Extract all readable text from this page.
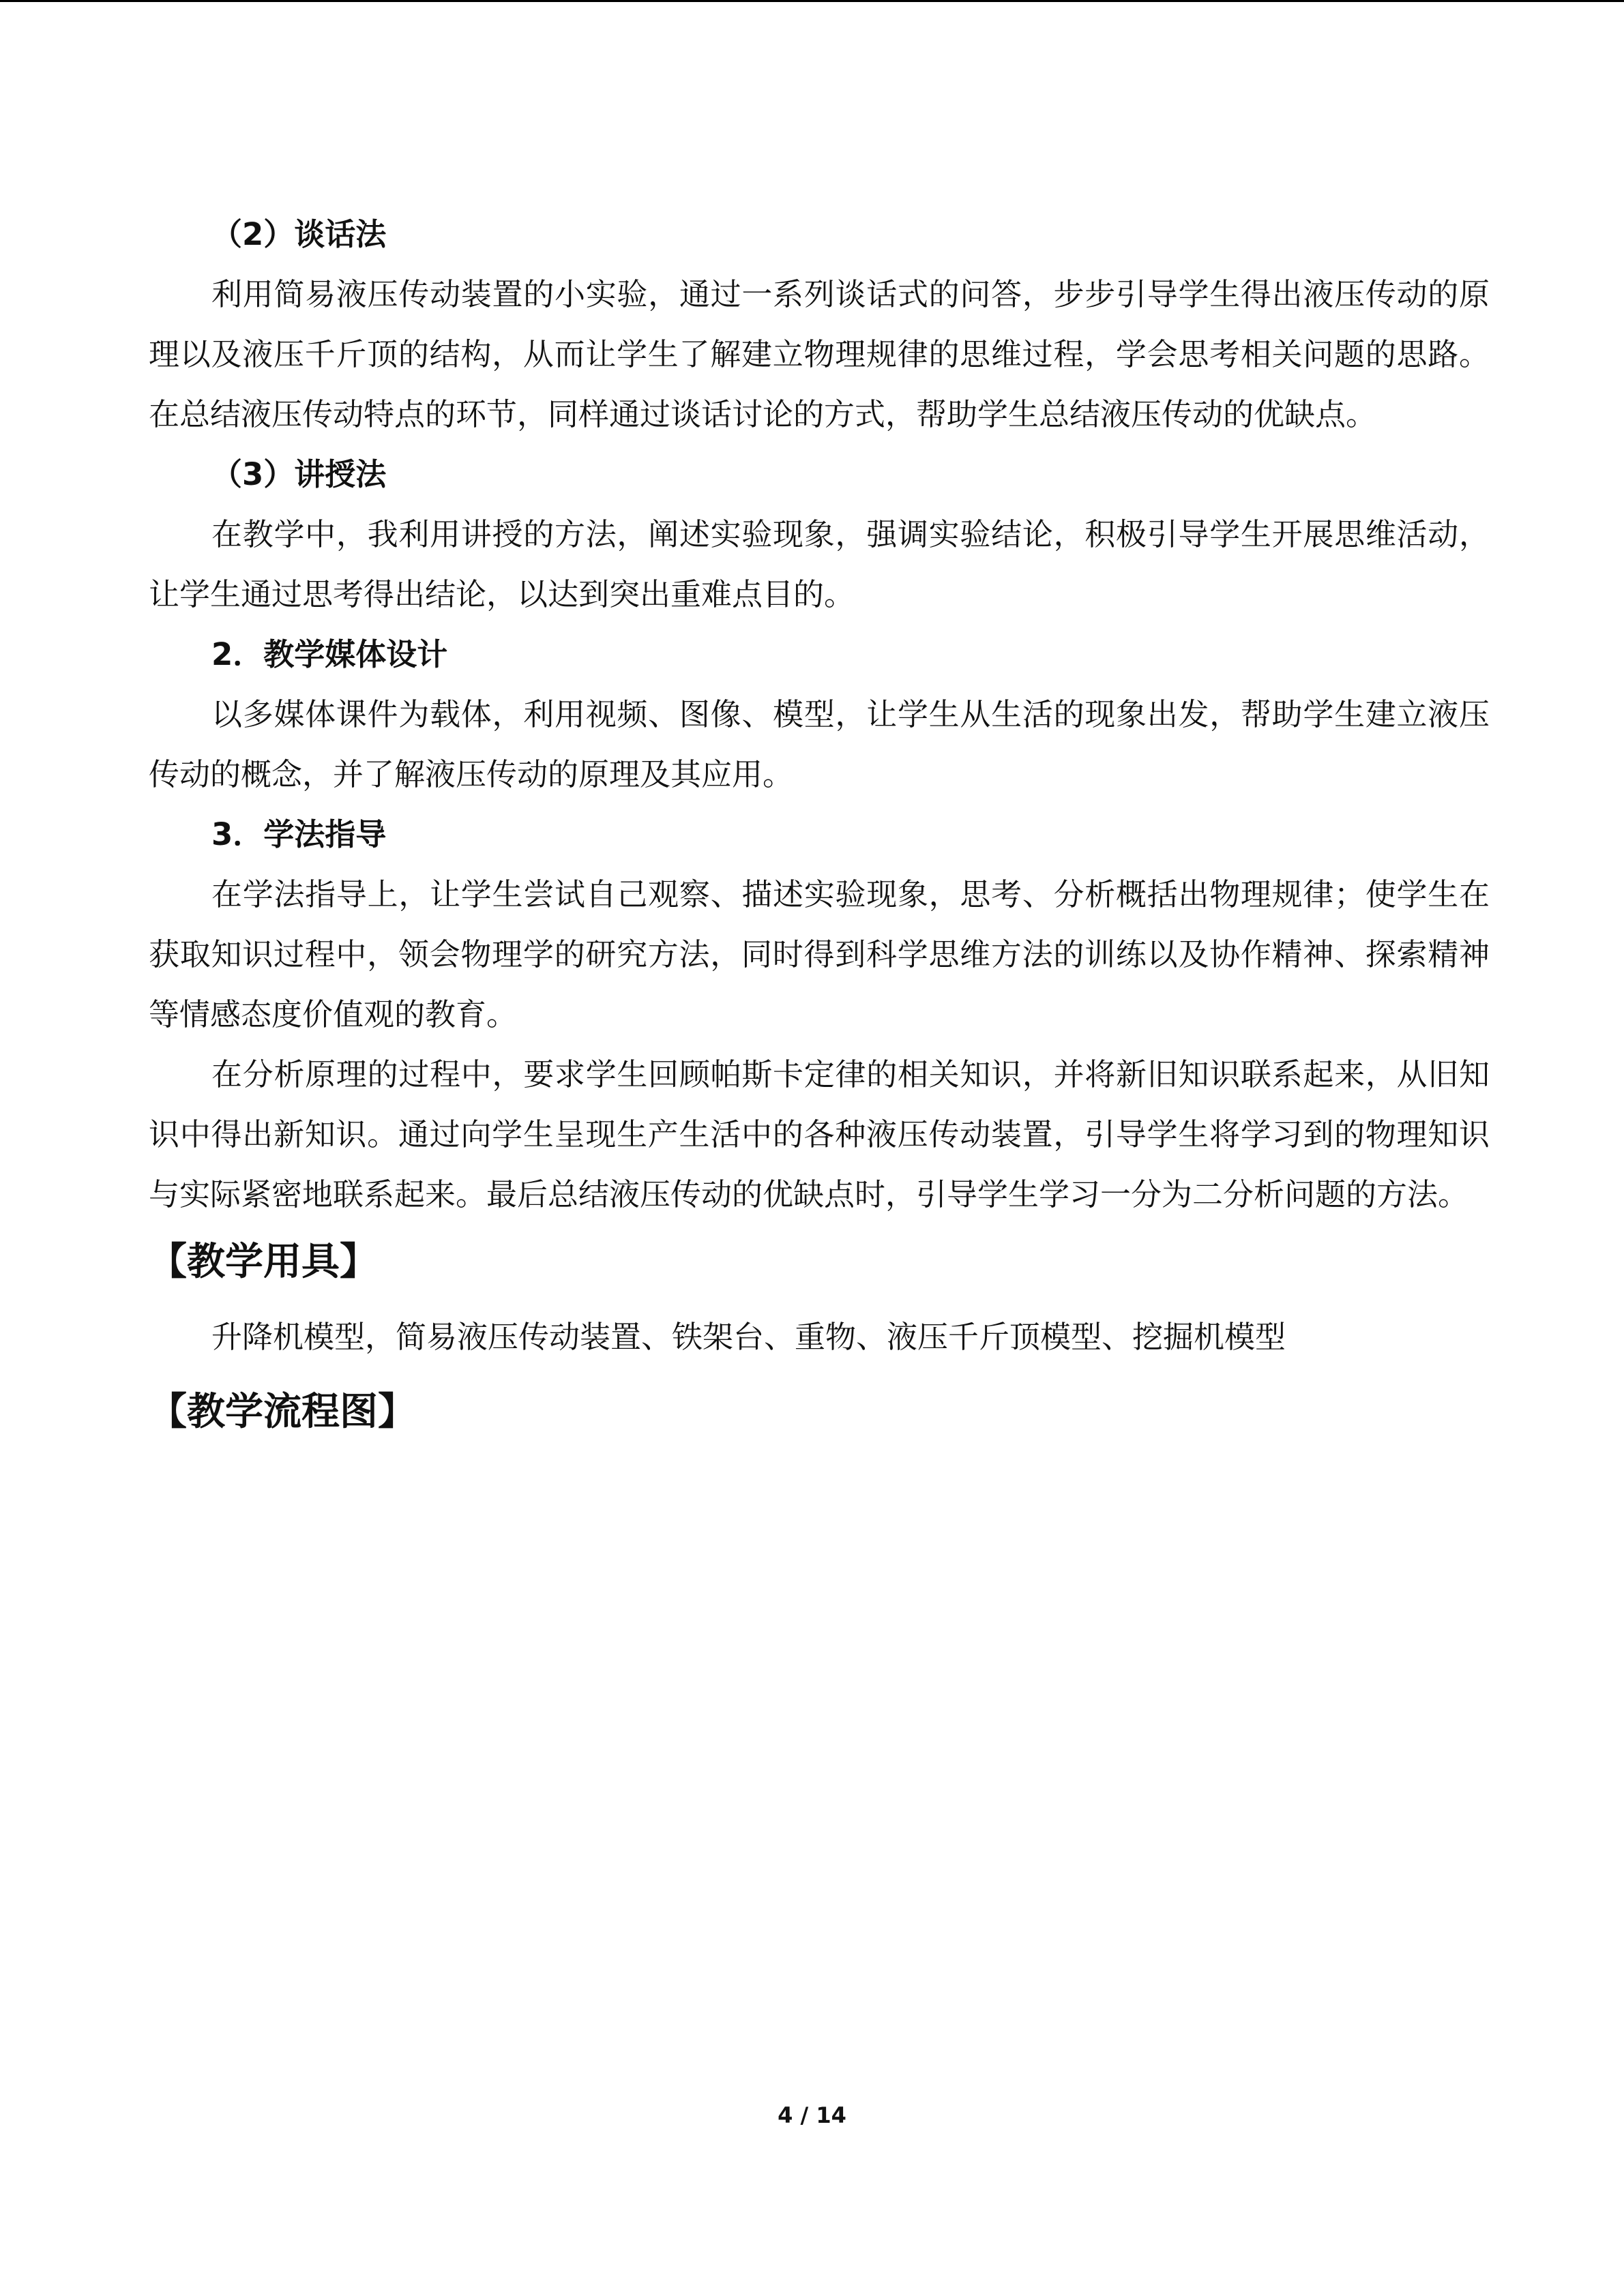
（2）谈话法

利用简易液压传动装置的小实验，通过一系列谈话式的问答，步步引导学生得出液压传动的原理以及液压千斤顶的结构，从而让学生了解建立物理规律的思维过程，学会思考相关问题的思路。在总结液压传动特点的环节，同样通过谈话讨论的方式，帮助学生总结液压传动的优缺点。

（3）讲授法

在教学中，我利用讲授的方法，阐述实验现象，强调实验结论，积极引导学生开展思维活动，让学生通过思考得出结论，以达到突出重难点目的。

2．教学媒体设计

以多媒体课件为载体，利用视频、图像、模型，让学生从生活的现象出发，帮助学生建立液压传动的概念，并了解液压传动的原理及其应用。

3．学法指导

在学法指导上，让学生尝试自己观察、描述实验现象，思考、分析概括出物理规律；使学生在获取知识过程中，领会物理学的研究方法，同时得到科学思维方法的训练以及协作精神、探索精神等情感态度价值观的教育。

在分析原理的过程中，要求学生回顾帕斯卡定律的相关知识，并将新旧知识联系起来，从旧知识中得出新知识。通过向学生呈现生产生活中的各种液压传动装置，引导学生将学习到的物理知识与实际紧密地联系起来。最后总结液压传动的优缺点时，引导学生学习一分为二分析问题的方法。

【教学用具】
升降机模型，简易液压传动装置、铁架台、重物、液压千斤顶模型、挖掘机模型
【教学流程图】
4 / 14
